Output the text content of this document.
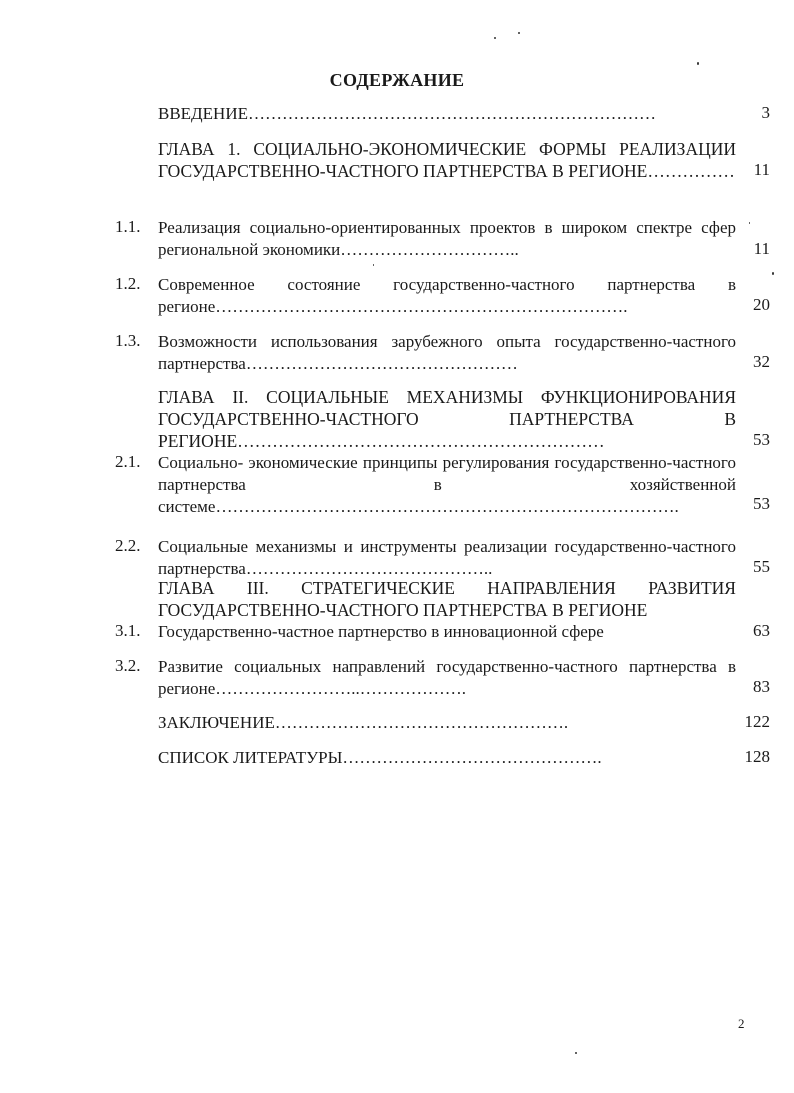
СОДЕРЖАНИЕ
ВВЕДЕНИЕ………………………………………………………………	3
ГЛАВА 1. СОЦИАЛЬНО-ЭКОНОМИЧЕСКИЕ ФОРМЫ РЕАЛИЗАЦИИ ГОСУДАРСТВЕННО-ЧАСТНОГО ПАРТНЕРСТВА В РЕГИОНЕ…………… 11
1.1. Реализация социально-ориентированных проектов в широком спектре сфер региональной экономики…………………………..	11
1.2. Современное состояние государственно-частного партнерства в регионе……………………………………………………………….	20
1.3. Возможности использования зарубежного опыта государственно-частного партнерства…………………………………………	32
ГЛАВА II. СОЦИАЛЬНЫЕ МЕХАНИЗМЫ ФУНКЦИОНИРОВАНИЯ ГОСУДАРСТВЕННО-ЧАСТНОГО ПАРТНЕРСТВА В РЕГИОНЕ………………………………………………………	53
2.1. Социально- экономические принципы регулирования государственно-частного партнерства в хозяйственной системе……………………………………………………………………….	53
2.2. Социальные механизмы и инструменты реализации государственно-частного партнерства……………………………………..	55
ГЛАВА III. СТРАТЕГИЧЕСКИЕ НАПРАВЛЕНИЯ РАЗВИТИЯ ГОСУДАРСТВЕННО-ЧАСТНОГО ПАРТНЕРСТВА В РЕГИОНЕ
3.1. Государственно-частное партнерство в инновационной сфере	63
3.2. Развитие социальных направлений государственно-частного партнерства в регионе……………………..……………….	83
ЗАКЛЮЧЕНИЕ…………………………………………….	122
СПИСОК ЛИТЕРАТУРЫ……………………………………….	128
2
